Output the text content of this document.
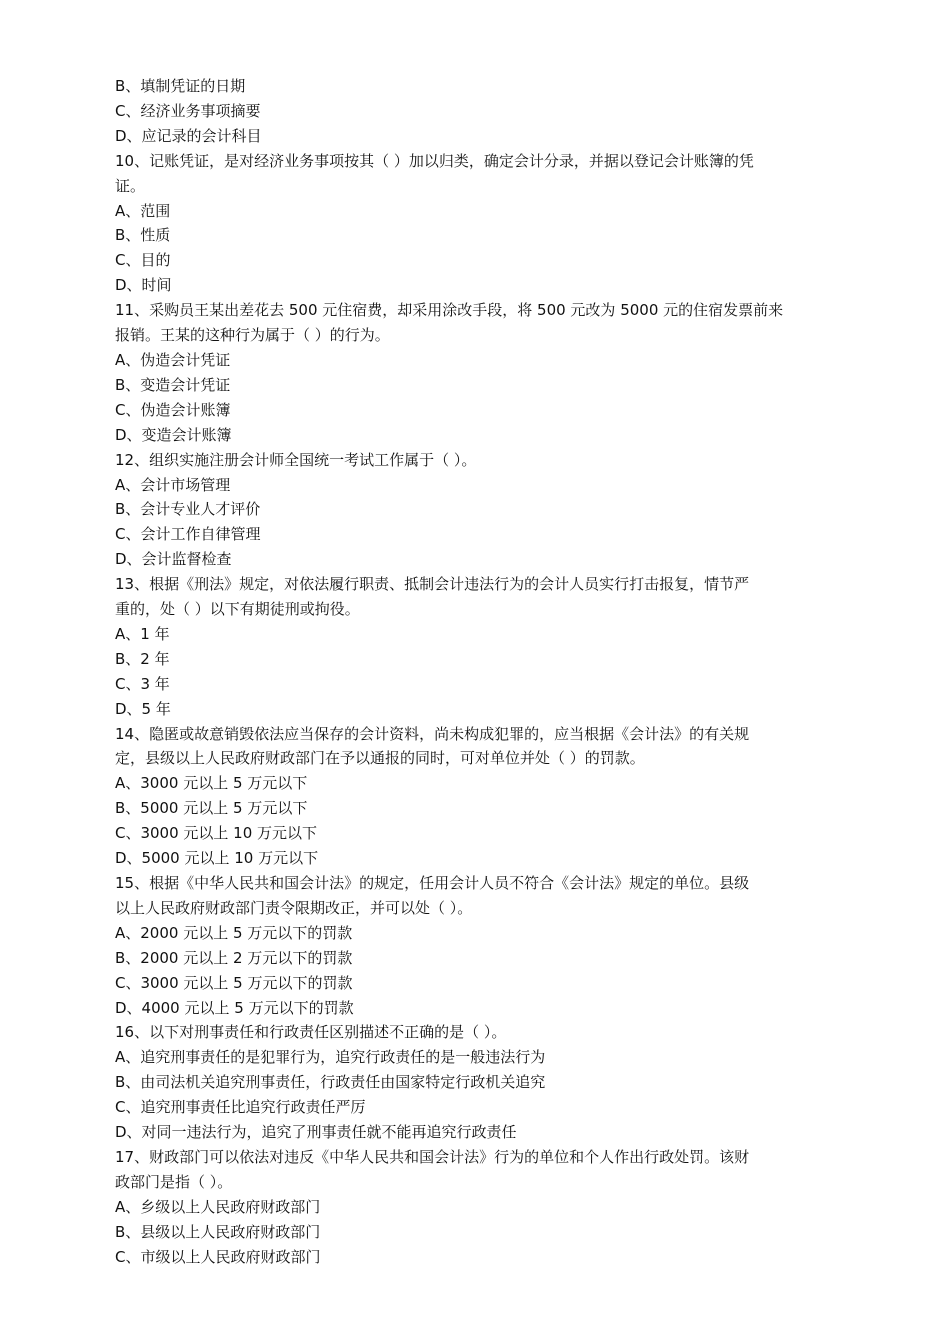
B、填制凭证的日期
C、经济业务事项摘要
D、应记录的会计科目
10、记账凭证，是对经济业务事项按其（ ）加以归类，确定会计分录，并据以登记会计账簿的凭
证。
A、范围
B、性质
C、目的
D、时间
11、采购员王某出差花去 500 元住宿费，却采用涂改手段，将 500 元改为 5000 元的住宿发票前来
报销。王某的这种行为属于（ ）的行为。
A、伪造会计凭证
B、变造会计凭证
C、伪造会计账簿
D、变造会计账簿
12、组织实施注册会计师全国统一考试工作属于（ ）。
A、会计市场管理
B、会计专业人才评价
C、会计工作自律管理
D、会计监督检查
13、根据《刑法》规定，对依法履行职责、抵制会计违法行为的会计人员实行打击报复，情节严
重的，处（ ）以下有期徒刑或拘役。
A、1 年
B、2 年
C、3 年
D、5 年
14、隐匿或故意销毁依法应当保存的会计资料，尚未构成犯罪的，应当根据《会计法》的有关规
定，县级以上人民政府财政部门在予以通报的同时，可对单位并处（ ）的罚款。
A、3000 元以上 5 万元以下
B、5000 元以上 5 万元以下
C、3000 元以上 10 万元以下
D、5000 元以上 10 万元以下
15、根据《中华人民共和国会计法》的规定，任用会计人员不符合《会计法》规定的单位。县级
以上人民政府财政部门责令限期改正，并可以处（ ）。
A、2000 元以上 5 万元以下的罚款
B、2000 元以上 2 万元以下的罚款
C、3000 元以上 5 万元以下的罚款
D、4000 元以上 5 万元以下的罚款
16、以下对刑事责任和行政责任区别描述不正确的是（ ）。
A、追究刑事责任的是犯罪行为，追究行政责任的是一般违法行为
B、由司法机关追究刑事责任，行政责任由国家特定行政机关追究
C、追究刑事责任比追究行政责任严厉
D、对同一违法行为，追究了刑事责任就不能再追究行政责任
17、财政部门可以依法对违反《中华人民共和国会计法》行为的单位和个人作出行政处罚。该财
政部门是指（ ）。
A、乡级以上人民政府财政部门
B、县级以上人民政府财政部门
C、市级以上人民政府财政部门
